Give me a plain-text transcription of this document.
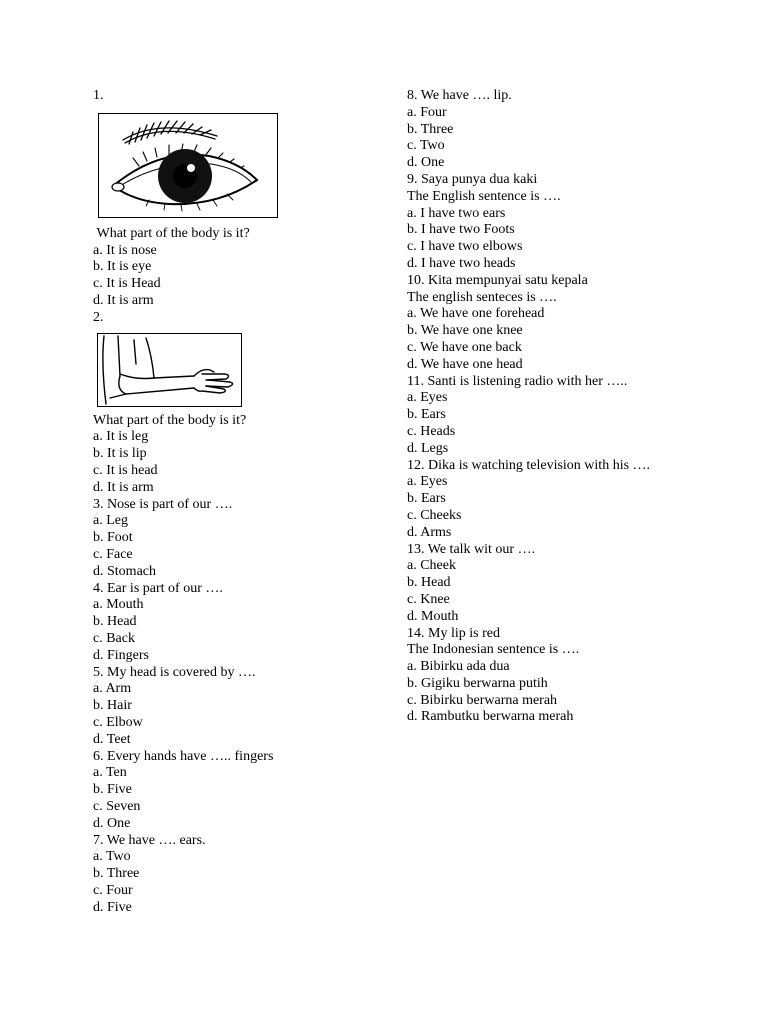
1.
What part of the body is it?
a. It is nose
b. It is eye
c. It is Head
d. It is arm
2.
What part of the body is it?
a. It is leg
b. It is lip
c. It is head
d. It is arm
3. Nose is part of our ….
a. Leg
b. Foot
c. Face
d. Stomach
4. Ear is part of our ….
a. Mouth
b. Head
c. Back
d. Fingers
5. My head is covered by ….
a. Arm
b. Hair
c. Elbow
d. Teet
6. Every hands have ….. fingers
a. Ten
b. Five
c. Seven
d. One
7. We have …. ears.
a. Two
b. Three
c. Four
d. Five
8. We have …. lip.
a. Four
b. Three
c. Two
d. One
9. Saya punya dua kaki
The English sentence is ….
a. I have two ears
b. I have two Foots
c. I have two elbows
d. I have two heads
10. Kita mempunyai satu kepala
The english senteces is ….
a. We have one forehead
b. We have one knee
c. We have one back
d. We have one head
11. Santi is listening radio with her …..
a. Eyes
b. Ears
c. Heads
d. Legs
12. Dika is watching television with his ….
a. Eyes
b. Ears
c. Cheeks
d. Arms
13. We talk wit our ….
a. Cheek
b. Head
c. Knee
d. Mouth
14. My lip is red
The Indonesian sentence is ….
a. Bibirku ada dua
b. Gigiku berwarna putih
c. Bibirku berwarna merah
d. Rambutku berwarna merah
